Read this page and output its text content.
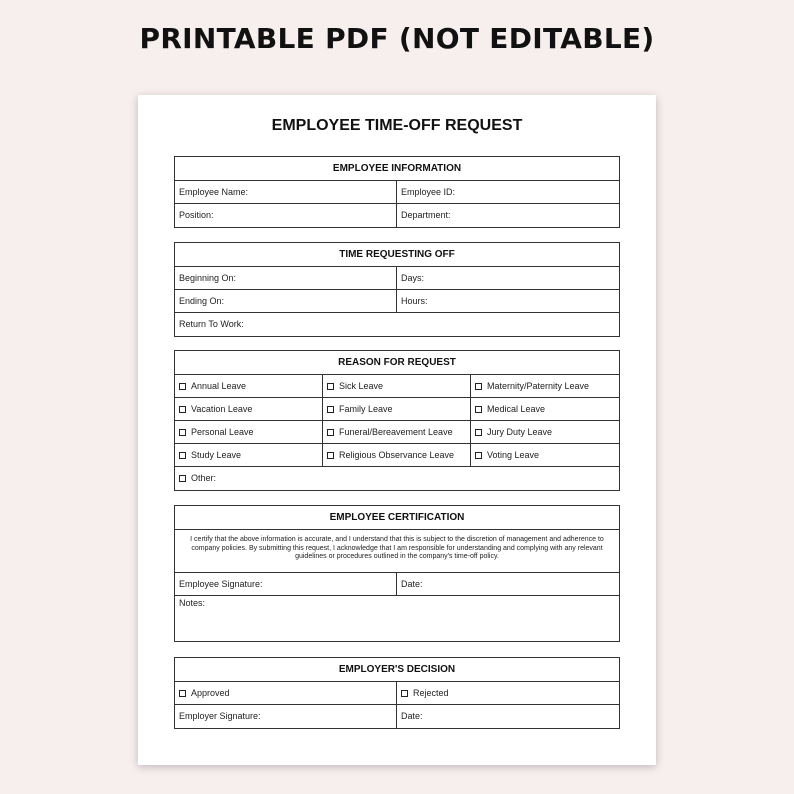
PRINTABLE PDF (NOT EDITABLE)
EMPLOYEE TIME-OFF REQUEST
EMPLOYEE INFORMATION
Employee Name:	Employee ID:
Position:	Department:
TIME REQUESTING OFF
Beginning On:	Days:
Ending On:	Hours:
Return To Work:
REASON FOR REQUEST
Annual Leave	Sick Leave	Maternity/Paternity Leave
Vacation Leave	Family Leave	Medical Leave
Personal Leave	Funeral/Bereavement Leave	Jury Duty Leave
Study Leave	Religious Observance Leave	Voting Leave
Other:
EMPLOYEE CERTIFICATION
I certify that the above information is accurate, and I understand that this is subject to the discretion of management and adherence to company policies. By submitting this request, I acknowledge that I am responsible for understanding and complying with any relevant guidelines or procedures outlined in the company's time-off policy.
Employee Signature:	Date:
Notes:
EMPLOYER'S DECISION
Approved	Rejected
Employer Signature:	Date:
